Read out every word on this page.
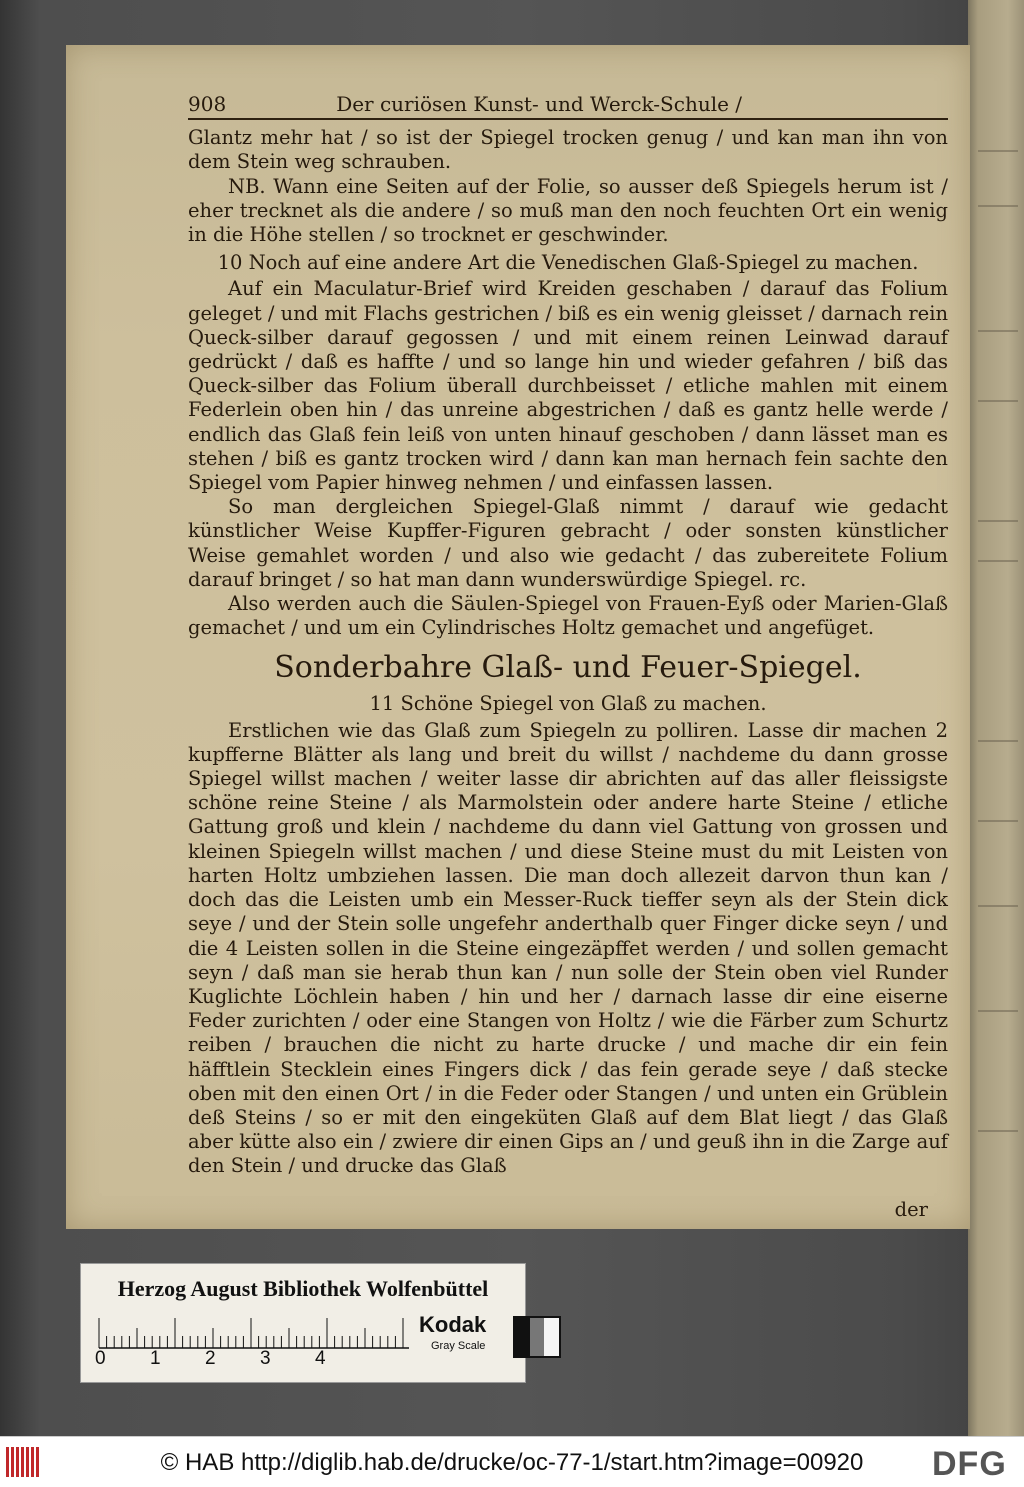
908	Der curiösen Kunst- und Werck-Schule /

Glantz mehr hat / so ist der Spiegel trocken genug / und kan man ihn von dem Stein weg schrauben.

NB. Wann eine Seiten auf der Folie, so ausser deß Spiegels herum ist / eher trecknet als die andere / so muß man den noch feuchten Ort ein wenig in die Höhe stellen / so trocknet er geschwinder.

10 Noch auf eine andere Art die Venedischen Glaß-Spiegel zu machen.

Auf ein Maculatur-Brief wird Kreiden geschaben / darauf das Folium geleget / und mit Flachs gestrichen / biß es ein wenig gleisset / darnach rein Queck-silber darauf gegossen / und mit einem reinen Leinwad darauf gedrückt / daß es haffte / und so lange hin und wieder gefahren / biß das Queck-silber das Folium überall durchbeisset / etliche mahlen mit einem Federlein oben hin / das unreine abgestrichen / daß es gantz helle werde / endlich das Glaß fein leiß von unten hinauf geschoben / dann lässet man es stehen / biß es gantz trocken wird / dann kan man hernach fein sachte den Spiegel vom Papier hinweg nehmen / und einfassen lassen.

So man dergleichen Spiegel-Glaß nimmt / darauf wie gedacht künstlicher Weise Kupffer-Figuren gebracht / oder sonsten künstlicher Weise gemahlet worden / und also wie gedacht / das zubereitete Folium darauf bringet / so hat man dann wunderswürdige Spiegel. rc.

Also werden auch die Säulen-Spiegel von Frauen-Eyß oder Marien-Glaß gemachet / und um ein Cylindrisches Holtz gemachet und angefüget.

Sonderbahre Glaß- und Feuer-Spiegel.

11 Schöne Spiegel von Glaß zu machen.

Erstlichen wie das Glaß zum Spiegeln zu polliren. Lasse dir machen 2 kupfferne Blätter als lang und breit du willst / nachdeme du dann grosse Spiegel willst machen / weiter lasse dir abrichten auf das aller fleissigste schöne reine Steine / als Marmolstein oder andere harte Steine / etliche Gattung groß und klein / nachdeme du dann viel Gattung von grossen und kleinen Spiegeln willst machen / und diese Steine must du mit Leisten von harten Holtz umbziehen lassen. Die man doch allezeit darvon thun kan / doch das die Leisten umb ein Messer-Ruck tieffer seyn als der Stein dick seye / und der Stein solle ungefehr anderthalb quer Finger dicke seyn / und die 4 Leisten sollen in die Steine eingezäpffet werden / und sollen gemacht seyn / daß man sie herab thun kan / nun solle der Stein oben viel Runder Kuglichte Löchlein haben / hin und her / darnach lasse dir eine eiserne Feder zurichten / oder eine Stangen von Holtz / wie die Färber zum Schurtz reiben / brauchen die nicht zu harte drucke / und mache dir ein fein häfftlein Stecklein eines Fingers dick / das fein gerade seye / daß stecke oben mit den einen Ort / in die Feder oder Stangen / und unten ein Grüblein deß Steins / so er mit den eingeküten Glaß auf dem Blat liegt / das Glaß aber kütte also ein / zwiere dir einen Gips an / und geuß ihn in die Zarge auf den Stein / und drucke das Glaß

der

Herzog August Bibliothek Wolfenbüttel
0 1 2 3 4
Kodak
Gray Scale
© HAB http://diglib.hab.de/drucke/oc-77-1/start.htm?image=00920	DFG
